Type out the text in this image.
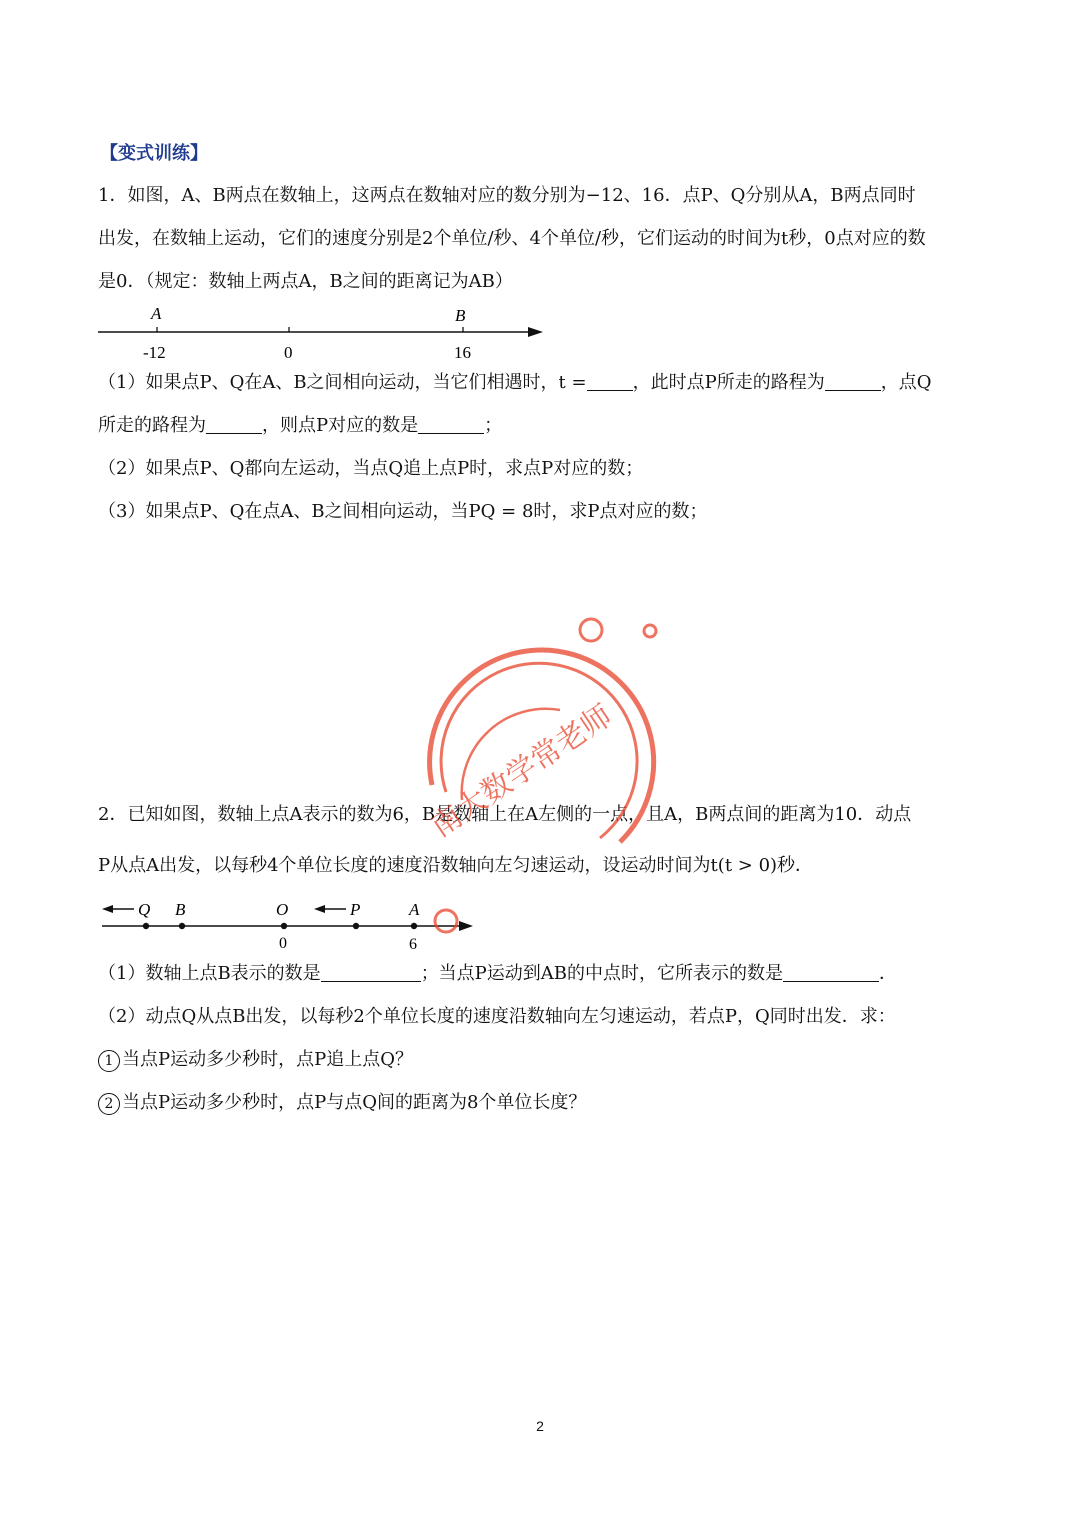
【变式训练】
1．如图，A、B两点在数轴上，这两点在数轴对应的数分别为−12、16．点P、Q分别从A，B两点同时
出发，在数轴上运动，它们的速度分别是2个单位/秒、4个单位/秒，它们运动的时间为t秒，0点对应的数
是0．（规定：数轴上两点A，B之间的距离记为AB）
A	B
-12	0	16
（1）如果点P、Q在A、B之间相向运动，当它们相遇时，t =	，此时点P所走的路程为	，点Q
所走的路程为	，则点P对应的数是	；
（2）如果点P、Q都向左运动，当点Q追上点P时，求点P对应的数；
（3）如果点P、Q在点A、B之间相向运动，当PQ = 8时，求P点对应的数；
2．已知如图，数轴上点A表示的数为6，B是数轴上在A左侧的一点，且A，B两点间的距离为10．动点
P从点A出发，以每秒4个单位长度的速度沿数轴向左匀速运动，设运动时间为t(t > 0)秒．
Q B	O	P	A
0	6
（1）数轴上点B表示的数是	；当点P运动到AB的中点时，它所表示的数是	．
（2）动点Q从点B出发，以每秒2个单位长度的速度沿数轴向左匀速运动，若点P，Q同时出发．求：
1 当点P运动多少秒时，点P追上点Q？
2 当点P运动多少秒时，点P与点Q间的距离为8个单位长度？
2
南大数学常老师
